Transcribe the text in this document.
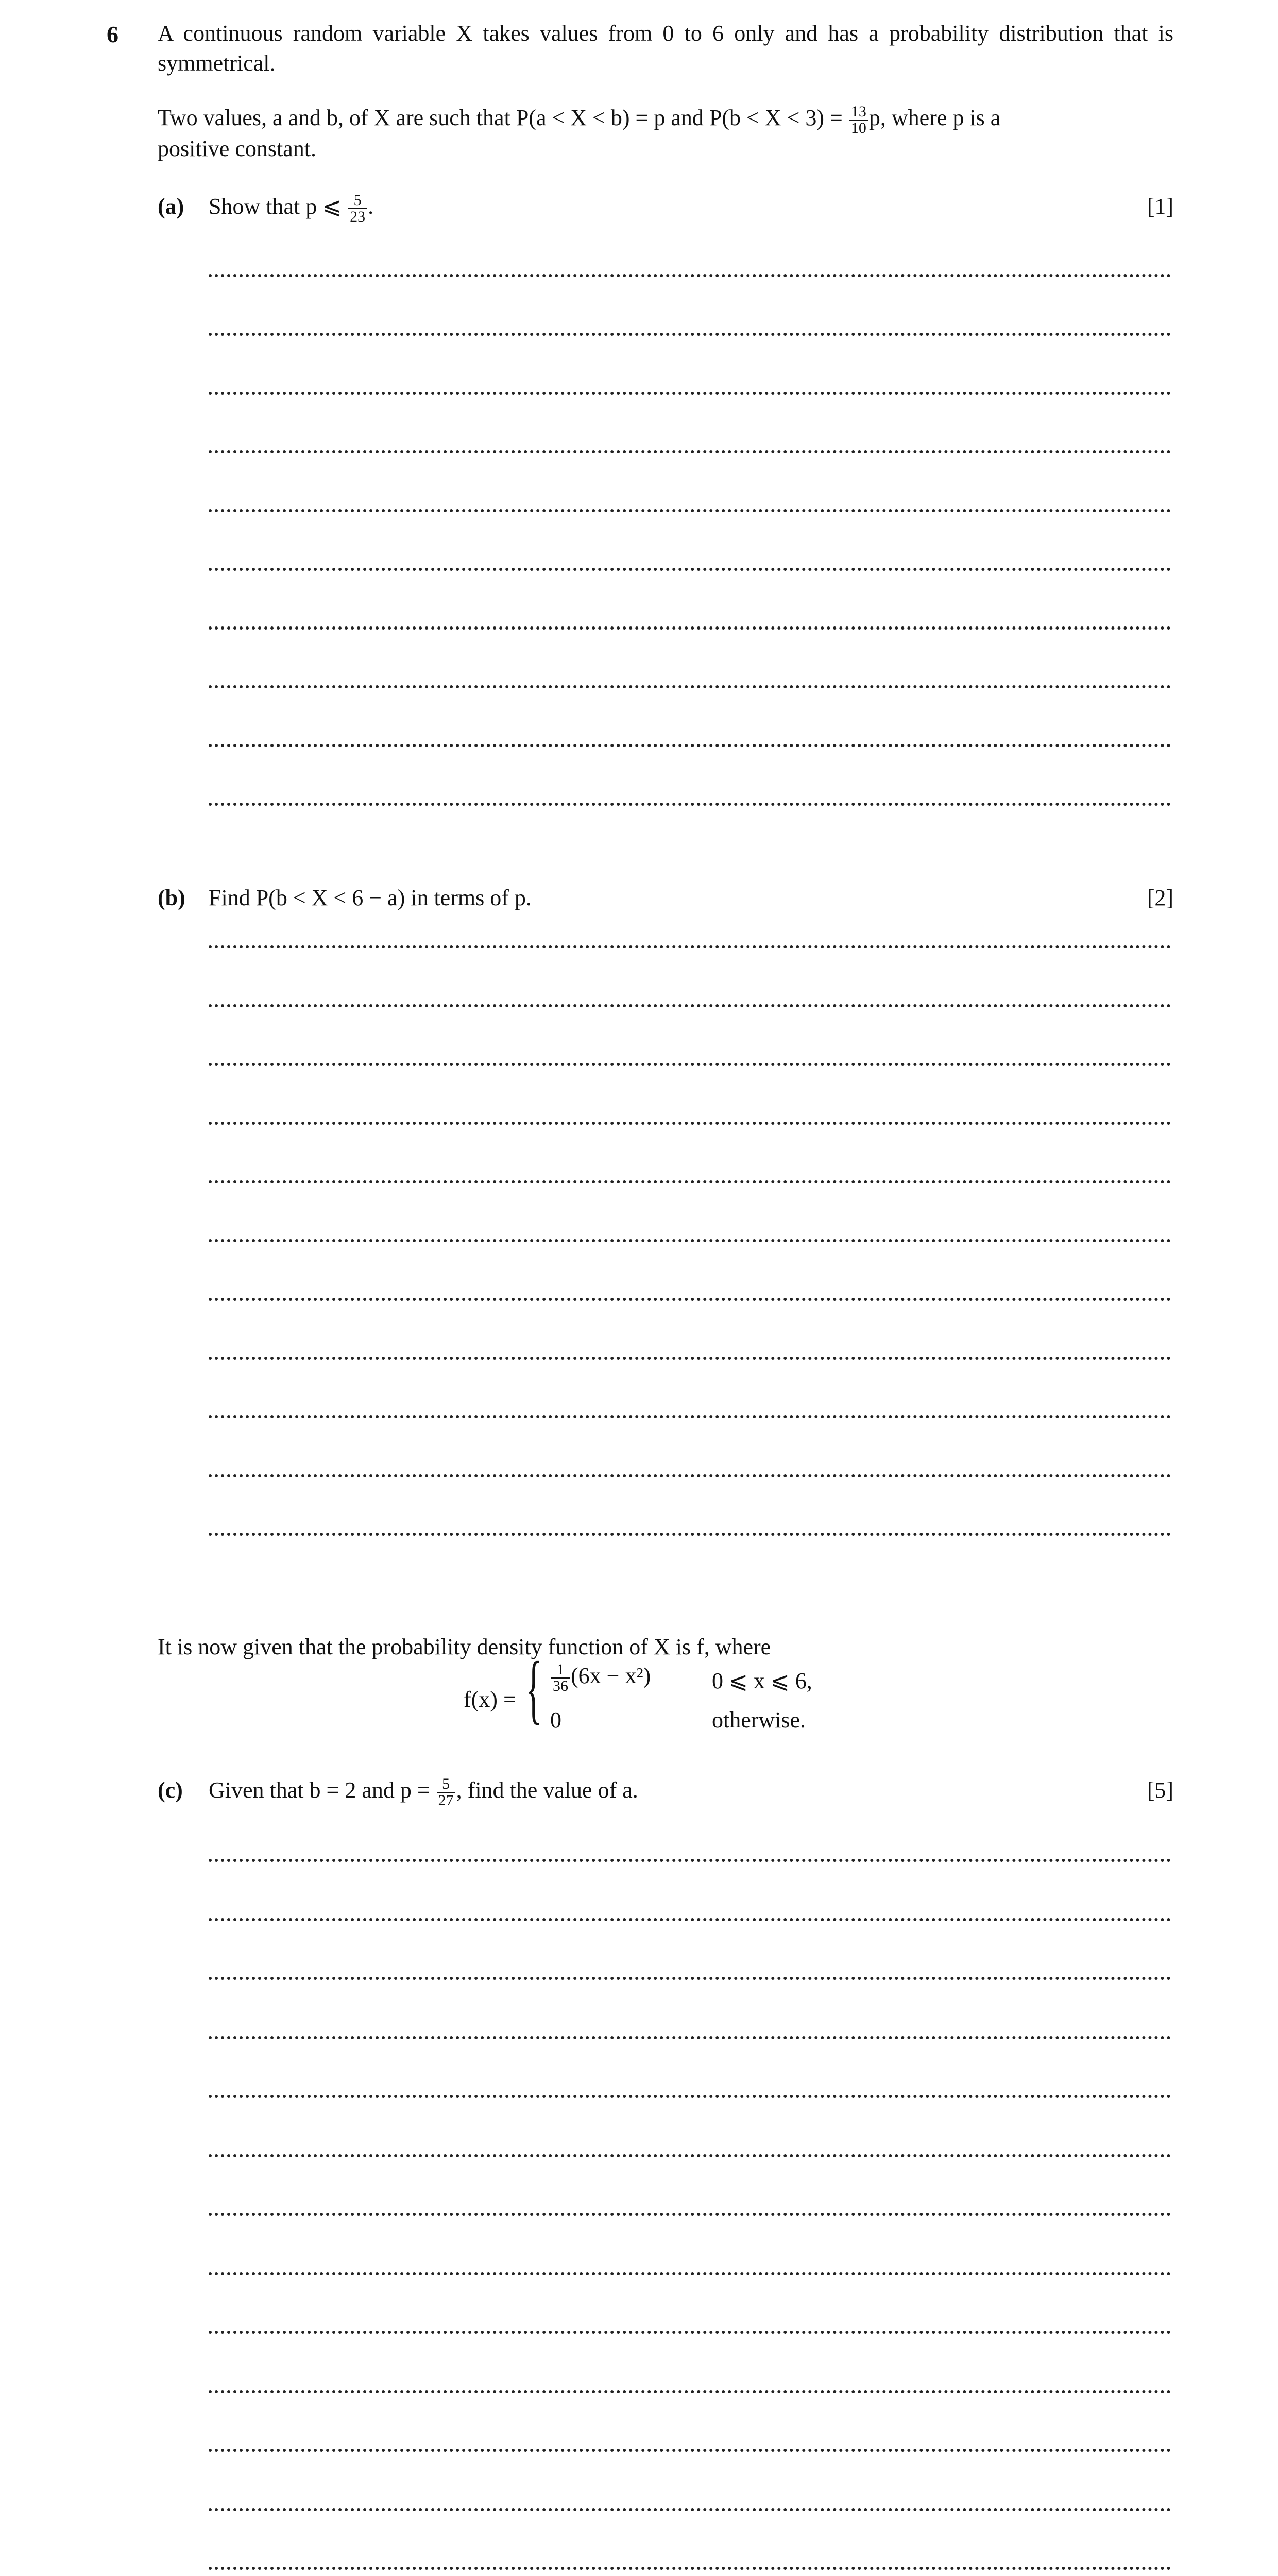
6 A continuous random variable X takes values from 0 to 6 only and has a probability distribution that is symmetrical.
Two values, a and b, of X are such that P(a < X < b) = p and $P(b < X < 3) = \frac{13}{10} p$, where p is a
positive constant.
(a) Show that p ⩽ $\frac{5}{23}$ .	[1]
(b) Find P(b < X < 6 − a) in terms of p.	[2]
It is now given that the probability density function of X is f, where
f(x) = { $\frac{1}{36} (6x - x^2)$	0 ⩽ x ⩽ 6,
0	otherwise.
(c) Given that b = 2 and $p = \frac{5}{27}$ , find the value of a.	[5]
